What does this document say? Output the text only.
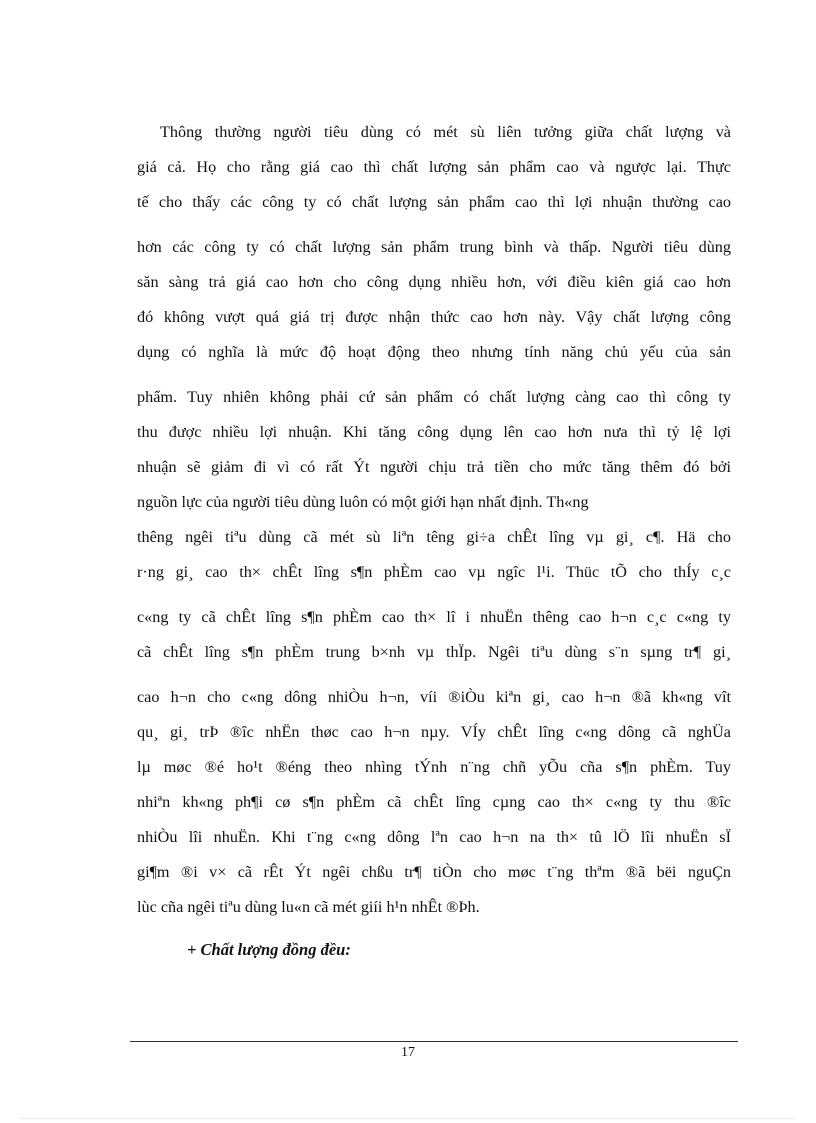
Thông thường người tiêu dùng có mét sù liên tưởng giữa chất lượng và
giá cả. Họ cho rằng giá cao thì chất lượng sản phẩm cao và ngược lại. Thực
tế cho thấy các công ty có chất lượng sản phẩm cao thì lợi nhuận thường cao
hơn các công ty có chất lượng sản phẩm trung bình và thấp. Người tiêu dùng
săn sàng trả giá cao hơn cho công dụng nhiều hơn, với điều kiên giá cao hơn
đó không vượt quá giá trị được nhận thức cao hơn này. Vậy chất lượng công
dụng có nghĩa là mức độ hoạt động theo nhưng tính năng chủ yếu của sản
phẩm. Tuy nhiên không phải cứ sản phẩm có chất lượng càng cao thì công ty
thu được nhiều lợi nhuận. Khi tăng công dụng lên cao hơn nưa thì tỷ lệ lợi
nhuận sẽ giảm đi vì có rất Ýt người chịu trả tiền cho mức tăng thêm đó bởi
nguồn lực của người tiêu dùng luôn có một giới hạn nhất định. Th«ng
thêng ngêi tiªu dùng cã mét sù liªn têng gi÷a chÊt lîng vµ gi¸ c¶. Hä cho
r·ng gi¸ cao th× chÊt lîng s¶n phÈm cao vµ ngîc l¹i. Thüc tÕ cho thÍy c¸c
c«ng ty cã chÊt lîng s¶n phÈm cao th× lî i nhuËn thêng cao h¬n c¸c c«ng ty
cã chÊt lîng s¶n phÈm trung b×nh vµ thÏp. Ngêi tiªu dùng s¨n sµng tr¶ gi¸
cao h¬n cho c«ng dông nhiÒu h¬n, víi ®iÒu kiªn gi¸ cao h¬n ®ã kh«ng vît
qu¸ gi¸ trÞ ®îc nhËn thøc cao h¬n nµy. VÍy chÊt lîng c«ng dông cã nghÜa
lµ møc ®é ho¹t ®éng theo nhìng tÝnh n¨ng chñ yÕu cña s¶n phÈm. Tuy
nhiªn kh«ng ph¶i cø s¶n phÈm cã chÊt lîng cµng cao th× c«ng ty thu ®îc
nhiÒu lîi nhuËn. Khi t¨ng c«ng dông lªn cao h¬n na th× tû lÖ lîi nhuËn sÏ
gi¶m ®i v× cã rÊt Ýt ngêi chßu tr¶ tiÒn cho møc t¨ng thªm ®ã bëi nguÇn
lùc cña ngêi tiªu dùng lu«n cã mét giíi h¹n nhÊt ®Þh.
+ Chất lượng đồng đều:
17
